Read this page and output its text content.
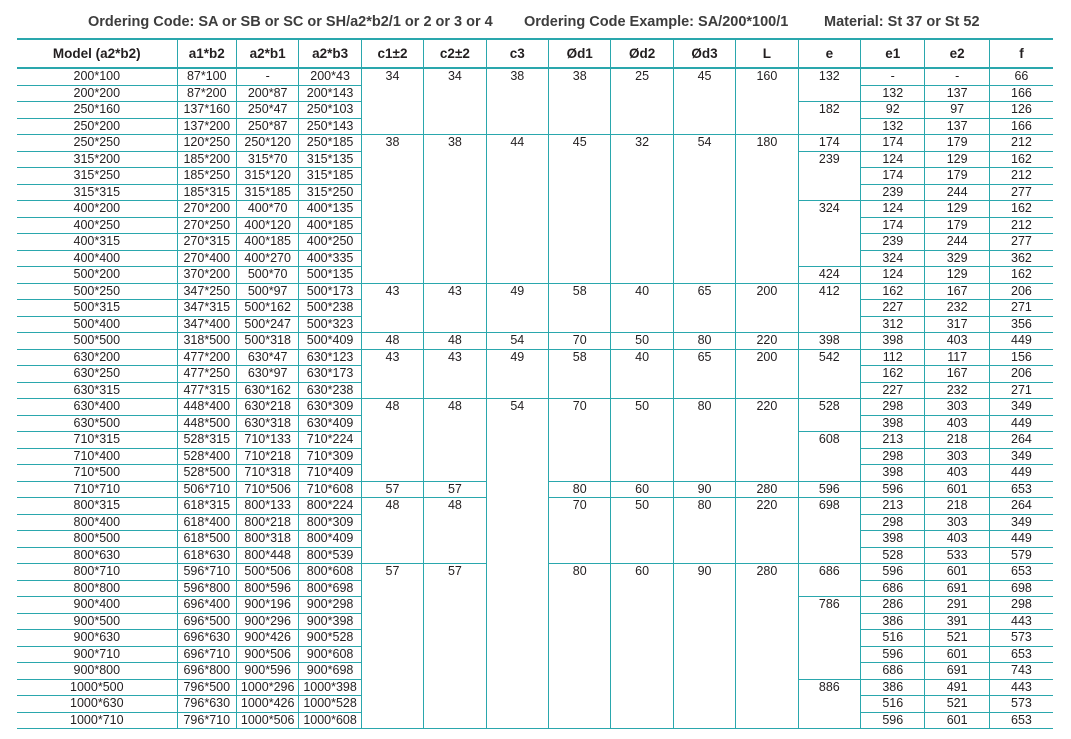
Ordering Code: SA or SB or SC or SH/a2*b2/1 or 2 or 3 or 4 Ordering Code Example: SA/200*100/1 Material: St 37 or St 52
Model (a2*b2)	a1*b2	a2*b1	a2*b3	c1±2	c2±2	c3	Ød1	Ød2	Ød3	L	e	e1	e2	f
200*100	87*100	-	200*43	34	34	38	38	25	45	160	132	-	-	66
200*200	87*200	200*87	200*143									132	137	166
250*160	137*160	250*47	250*103								182	92	97	126
250*200	137*200	250*87	250*143									132	137	166
250*250	120*250	250*120	250*185	38	38	44	45	32	54	180	174	174	179	212
315*200	185*200	315*70	315*135								239	124	129	162
315*250	185*250	315*120	315*185									174	179	212
315*315	185*315	315*185	315*250									239	244	277
400*200	270*200	400*70	400*135								324	124	129	162
400*250	270*250	400*120	400*185									174	179	212
400*315	270*315	400*185	400*250									239	244	277
400*400	270*400	400*270	400*335									324	329	362
500*200	370*200	500*70	500*135								424	124	129	162
500*250	347*250	500*97	500*173	43	43	49	58	40	65	200	412	162	167	206
500*315	347*315	500*162	500*238									227	232	271
500*400	347*400	500*247	500*323									312	317	356
500*500	318*500	500*318	500*409	48	48	54	70	50	80	220	398	398	403	449
630*200	477*200	630*47	630*123	43	43	49	58	40	65	200	542	112	117	156
630*250	477*250	630*97	630*173									162	167	206
630*315	477*315	630*162	630*238									227	232	271
630*400	448*400	630*218	630*309	48	48	54	70	50	80	220	528	298	303	349
630*500	448*500	630*318	630*409									398	403	449
710*315	528*315	710*133	710*224								608	213	218	264
710*400	528*400	710*218	710*309									298	303	349
710*500	528*500	710*318	710*409									398	403	449
710*710	506*710	710*506	710*608	57	57		80	60	90	280	596	596	601	653
800*315	618*315	800*133	800*224	48	48		70	50	80	220	698	213	218	264
800*400	618*400	800*218	800*309									298	303	349
800*500	618*500	800*318	800*409									398	403	449
800*630	618*630	800*448	800*539									528	533	579
800*710	596*710	500*506	800*608	57	57		80	60	90	280	686	596	601	653
800*800	596*800	800*596	800*698									686	691	698
900*400	696*400	900*196	900*298								786	286	291	298
900*500	696*500	900*296	900*398									386	391	443
900*630	696*630	900*426	900*528									516	521	573
900*710	696*710	900*506	900*608									596	601	653
900*800	696*800	900*596	900*698									686	691	743
1000*500	796*500	1000*296	1000*398								886	386	491	443
1000*630	796*630	1000*426	1000*528									516	521	573
1000*710	796*710	1000*506	1000*608									596	601	653
